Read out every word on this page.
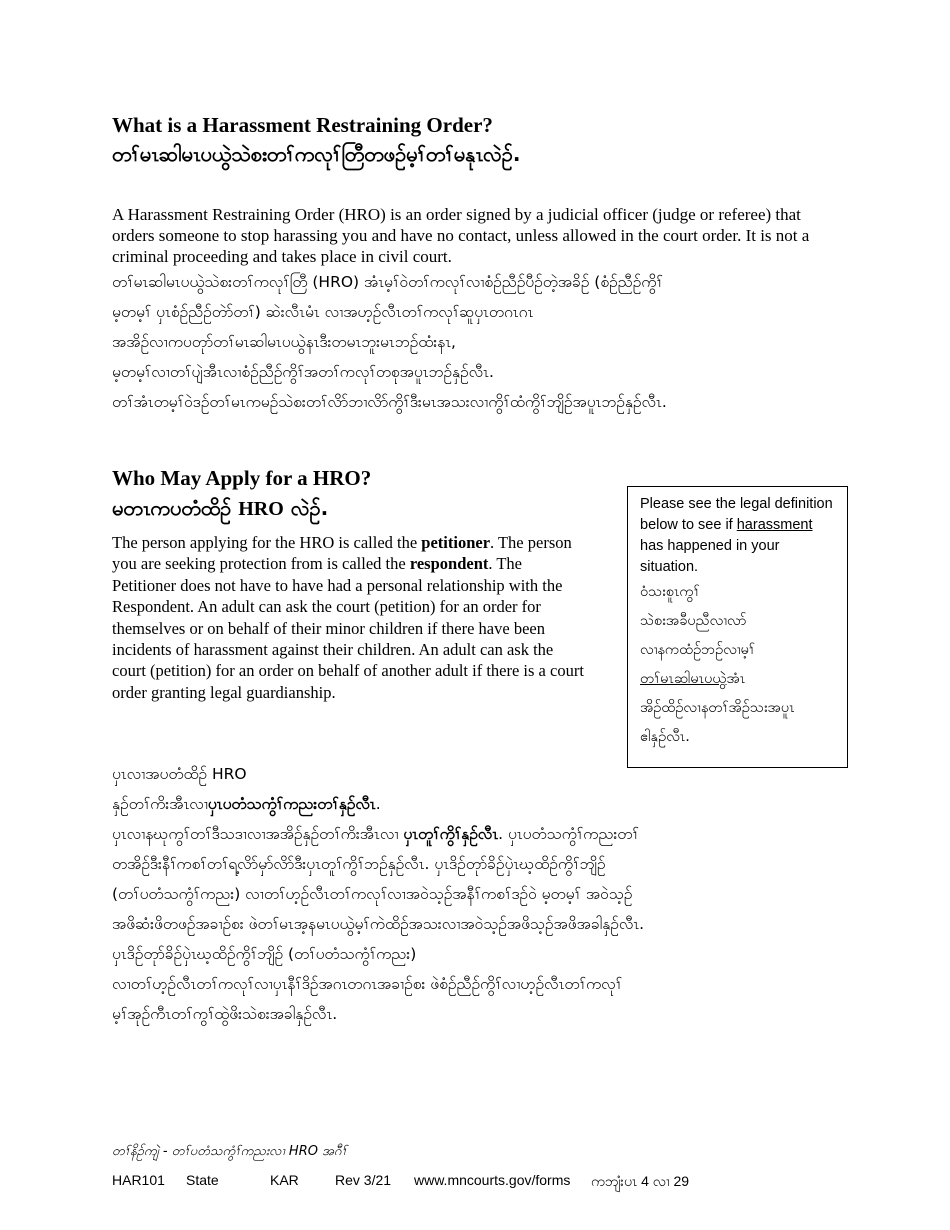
What is a Harassment Restraining Order?
တၢ်မၤဆါမၤပယွဲသဲစးတၢ်ကလုၢ်တြီတဖဉ်မ့ၢ်တၢ်မနုၤလဲဉ်.
A Harassment Restraining Order (HRO) is an order signed by a judicial officer (judge or referee) that orders someone to stop harassing you and have no contact, unless allowed in the court order. It is not a criminal proceeding and takes place in civil court.
တၢ်မၤဆါမၤပယွဲသဲစးတၢ်ကလုၢ်တြီ (HRO) အံၤမ့ၢ်ဝဲတၢ်ကလုၢ်လၢစံဉ်ညီဉ်ပီဉ်တဲ့အခိဉ် (စံဉ်ညီဉ်ကွိၢ်
မ့တမ့ၢ် ပှၤစံဉ်ညီဉ်တဲာ်တၢ်) ဆဲးလီၤမံၤ လၢအဟ့ဉ်လီၤတၢ်ကလုၢ်ဆူပှၤတဂၤဂၤ
အအိဉ်လၢကပတုာ်တၢ်မၤဆါမၤပယွဲနၤဒီးတမၤဘူးမၤဘဉ်ထံးနၤ,
မ့တမ့ၢ်လၢတၢ်ပျဲအီၤလၢစံဉ်ညီဉ်ကွိၢ်အတၢ်ကလုၢ်တစုအပူၤဘဉ်နှဉ်လီၤ.
တၢ်အံၤတမ့ၢ်ဝဲဒဉ်တၢ်မၤကမဉ်သဲစးတၢ်လိာ်ဘၢလိာ်ကွိၢ်ဒီးမၤအသးလၢကွိၢ်ထံကွိၢ်ဘျိဉ်အပူၤဘဉ်နှဉ်လီၤ.
Who May Apply for a HRO?
မတၤကပတံထိဉ် HRO လဲဉ်.
The person applying for the HRO is called the petitioner. The person you are seeking protection from is called the respondent. The Petitioner does not have to have had a personal relationship with the Respondent. An adult can ask the court (petition) for an order for themselves or on behalf of their minor children if there have been incidents of harassment against their children. An adult can ask the court (petition) for an order on behalf of another adult if there is a court order granting legal guardianship.
Please see the legal definition below to see if harassment has happened in your situation.
ဝံသးစူၤကွၢ်
သဲစးအခီပညီလၢလာ်
လၢနကထံဉ်ဘဉ်လၢမ့ၢ်
တၢ်မၤဆါမၤပယွဲအံၤ
အိဉ်ထိဉ်လၢနတၢ်အိဉ်သးအပူၤ
ဧါနှဉ်လီၤ.
ပှၤလၢအပတံထိဉ် HRO
နှဉ်တၢ်ကိးအီၤလၢပှၤပတံသကွံၢ်ကညးတၢ်နှဉ်လီၤ.
ပှၤလၢနဃုကွၢ်တၢ်ဒီသဒၢလၢအအိဉ်နှဉ်တၢ်ကိးအီၤလၢ ပှၤတူၢ်ကွိၢ်နှဉ်လီၤ. ပှၤပတံသကွံၢ်ကညးတၢ်
တအိဉ်ဒီးနီၢ်ကစၢ်တၢ်ရ့လိာ်မှာ်လိာ်ဒီးပှၤတူၢ်ကွိၢ်ဘဉ်နှဉ်လီၤ. ပှၤဒိဉ်တုာ်ခိဉ်ပှဲၤဃ့ထိဉ်ကွိၢ်ဘျိဉ်
(တၢ်ပတံသကွံၢ်ကညး) လၢတၢ်ဟ့ဉ်လီၤတၢ်ကလုၢ်လၢအဝဲသ့ဉ်အနီၢ်ကစၢ်ဒဉ်ဝဲ မ့တမ့ၢ် အဝဲသ့ဉ်
အဖိဆံးဖိတဖဉ်အခၢဉ်စး ဖဲတၢ်မၤအ့နမၤပယွဲမ့ၢ်ကဲထိဉ်အသးလၢအဝဲသ့ဉ်အဖိသ့ဉ်အဖိအခါနှဉ်လီၤ.
ပှၤဒိဉ်တုာ်ခိဉ်ပှဲၤဃ့ထိဉ်ကွိၢ်ဘျိဉ် (တၢ်ပတံသကွံၢ်ကညး)
လၢတၢ်ဟ့ဉ်လီၤတၢ်ကလုၢ်လၢပှၤနီၢ်ဒိဉ်အဂၤတဂၤအခၢဉ်စး ဖဲစံဉ်ညီဉ်ကွိၢ်လၢဟ့ဉ်လီၤတၢ်ကလုၢ်
မ့ၢ်အုဉ်ကီၤတၢ်ကွၢ်ထွဲဖိးသဲစးအခါနှဉ်လီၤ.
တၢ်နိဉ်ကျဲ - တၢ်ပတံသကွံၢ်ကညးလၢ HRO အဂီၢ်
HAR101 State	KAR	Rev 3/21 www.mncourts.gov/forms ကဘျံးပၤ 4 လၢ 29
